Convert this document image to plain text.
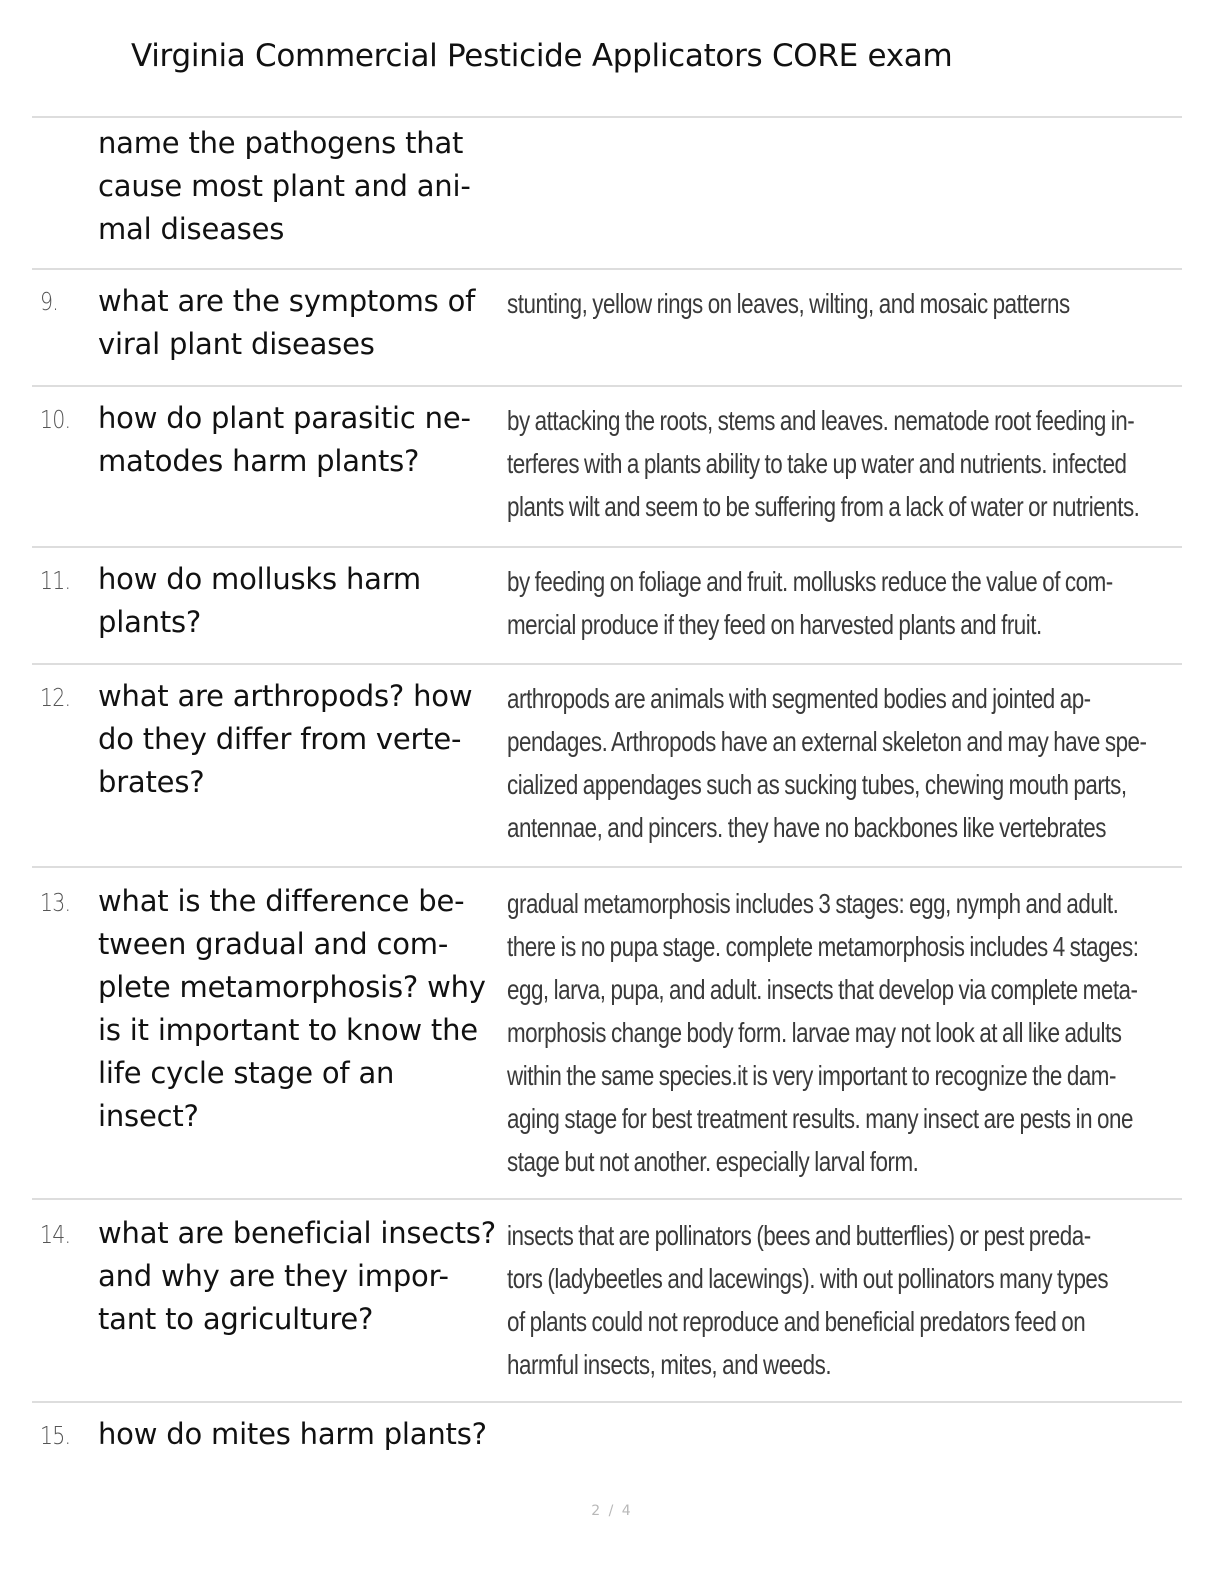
Virginia Commercial Pesticide Applicators CORE exam
name the pathogens that
cause most plant and ani-
mal diseases
9. what are the symptoms of
viral plant diseases
stunting, yellow rings on leaves, wilting, and mosaic patterns
10. how do plant parasitic ne-
matodes harm plants?
by attacking the roots, stems and leaves. nematode root feeding in-
terferes with a plants ability to take up water and nutrients. infected
plants wilt and seem to be suffering from a lack of water or nutrients.
11. how do mollusks harm
plants?
by feeding on foliage and fruit. mollusks reduce the value of com-
mercial produce if they feed on harvested plants and fruit.
12. what are arthropods? how
do they differ from verte-
brates?
arthropods are animals with segmented bodies and jointed ap-
pendages. Arthropods have an external skeleton and may have spe-
cialized appendages such as sucking tubes, chewing mouth parts,
antennae, and pincers. they have no backbones like vertebrates
13. what is the difference be-
tween gradual and com-
plete metamorphosis? why
is it important to know the
life cycle stage of an insect?
gradual metamorphosis includes 3 stages: egg, nymph and adult.
there is no pupa stage. complete metamorphosis includes 4 stages:
egg, larva, pupa, and adult. insects that develop via complete meta-
morphosis change body form. larvae may not look at all like adults
within the same species.it is very important to recognize the dam-
aging stage for best treatment results. many insect are pests in one
stage but not another. especially larval form.
14. what are beneficial insects?
and why are they impor-
tant to agriculture?
insects that are pollinators (bees and butterflies) or pest preda-
tors (ladybeetles and lacewings). with out pollinators many types
of plants could not reproduce and beneficial predators feed on
harmful insects, mites, and weeds.
15. how do mites harm plants?
2 / 4
